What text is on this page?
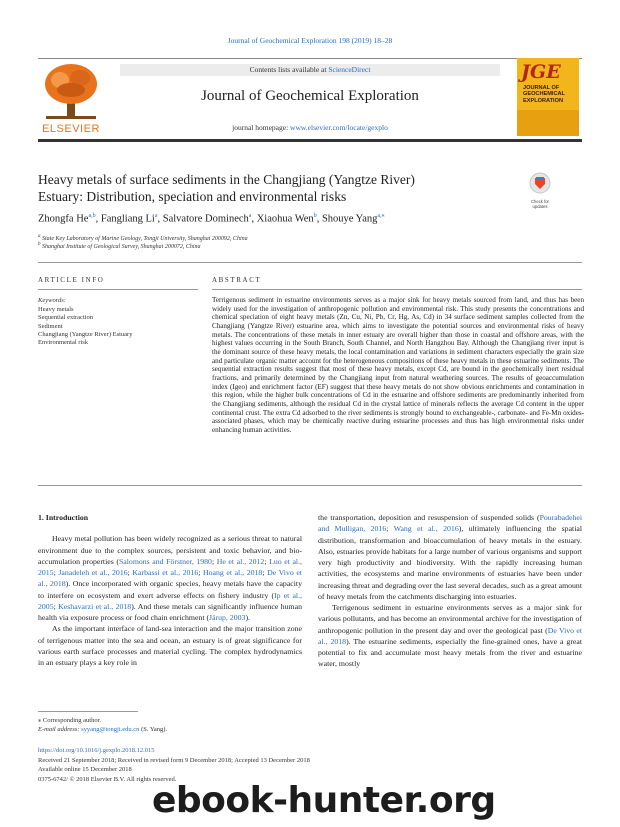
Journal of Geochemical Exploration 198 (2019) 18–28
ELSEVIER
Contents lists available at ScienceDirect
Journal of Geochemical Exploration
journal homepage: www.elsevier.com/locate/gexplo
JGE
JOURNAL OF
GEOCHEMICAL
EXPLORATION
Heavy metals of surface sediments in the Changjiang (Yangtze River)
Estuary: Distribution, speciation and environmental risks	Check for
updates
Zhongfa He$^{a,b}$, Fangliang Li$^a$, Salvatore Dominech$^a$, Xiaohua Wen$^b$, Shouye Yang$^{a,⁎}$
$^a$ State Key Laboratory of Marine Geology, Tongji University, Shanghai 200092, China
$^b$ Shanghai Institute of Geological Survey, Shanghai 200072, China
ARTICLE INFO	ABSTRACT
Keywords:
Heavy metals
Sequential extraction
Sediment
Changjiang (Yangtze River) Estuary
Environmental risk
Terrigenous sediment in estuarine environments serves as a major sink for heavy metals sourced from land, and thus has been widely used for the investigation of anthropogenic pollution and environmental risk. This study presents the concentrations and chemical speciation of eight heavy metals (Zn, Cu, Ni, Pb, Cr, Hg, As, Cd) in 34 surface sediment samples collected from the Changjiang (Yangtze River) estuarine area, which aims to investigate the potential sources and environmental risks of heavy metals. The concentrations of these metals in inner estuary are overall higher than those in coastal and offshore areas, with the highest values occurring in the South Branch, South Channel, and North Hangzhou Bay. Although the Changjiang river input is the dominant source of these heavy metals, the local contamination and variations in sediment characters especially the grain size and particulate organic matter account for the heterogeneous compositions of these heavy metals in these estuarine sediments. The sequential extraction results suggest that most of these heavy metals, except Cd, are bound in the geochemically inert residual fractions, and primarily determined by the Changjiang input from natural weathering sources. The results of geoaccumulation index (Igeo) and enrichment factor (EF) suggest that these heavy metals do not show obvious enrichments and contamination in this region, while the higher bulk concentrations of Cd in the estuarine and offshore sediments are predominantly inherited from the Changjiang sediments, although the residual Cd in the crystal lattice of minerals reflects the average Cd content in the upper continental crust. The extra Cd adsorbed to the river sediments is strongly bound to exchangeable-, carbonate- and Fe-Mn oxides-associated phases, which may be chemically reactive during estuarine processes and thus has high environmental risks under enhancing human activities.
1. Introduction

Heavy metal pollution has been widely recognized as a serious threat to natural environment due to the complex sources, persistent and toxic behavior, and bio-accumulation properties (Salomons and Förstner, 1980; He et al., 2012; Luo et al., 2015; Janadeleh et al., 2016; Karbassi et al., 2016; Hoang et al., 2018; De Vivo et al., 2018). Once incorporated with organic species, heavy metals have the capacity to interfere on ecosystem and exert adverse effects on fishery industry (Ip et al., 2005; Keshavarzi et al., 2018). And these metals can significantly influence human health via exposure process or food chain enrichment (Järup, 2003).

As the important interface of land-sea interaction and the major transition zone of terrigenous matter into the sea and ocean, an estuary is of great significance for various earth surface processes and material cycling. The complex hydrodynamics in an estuary plays a key role in

the transportation, deposition and resuspension of suspended solids (Pourabadehei and Mulligan, 2016; Wang et al., 2016), ultimately influencing the spatial distribution, transformation and bioaccumulation of heavy metals in the estuary. Also, estuaries provide habitats for a large number of various organisms and support very high productivity and biodiversity. With the rapidly increasing human activities, the ecosystems and marine environments of estuaries have been under increasing threat and degrading over the last several decades, such as a great amount of heavy metals from the catchments discharging into estuaries.

Terrigenous sediment in estuarine environments serves as a major sink for various pollutants, and has become an environmental archive for the investigation of anthropogenic pollution in the present day and over the geological past (De Vivo et al., 2018). The estuarine sediments, especially the fine-grained ones, have a great potential to fix and accumulate most heavy metals from the river and estuarine water, mostly

⁎ Corresponding author.
E-mail address: syyang@tongji.edu.cn (S. Yang).
https://doi.org/10.1016/j.gexplo.2018.12.015
Received 21 September 2018; Received in revised form 9 December 2018; Accepted 13 December 2018
Available online 15 December 2018
0375-6742/ © 2018 Elsevier B.V. All rights reserved.
ebook-hunter.org
